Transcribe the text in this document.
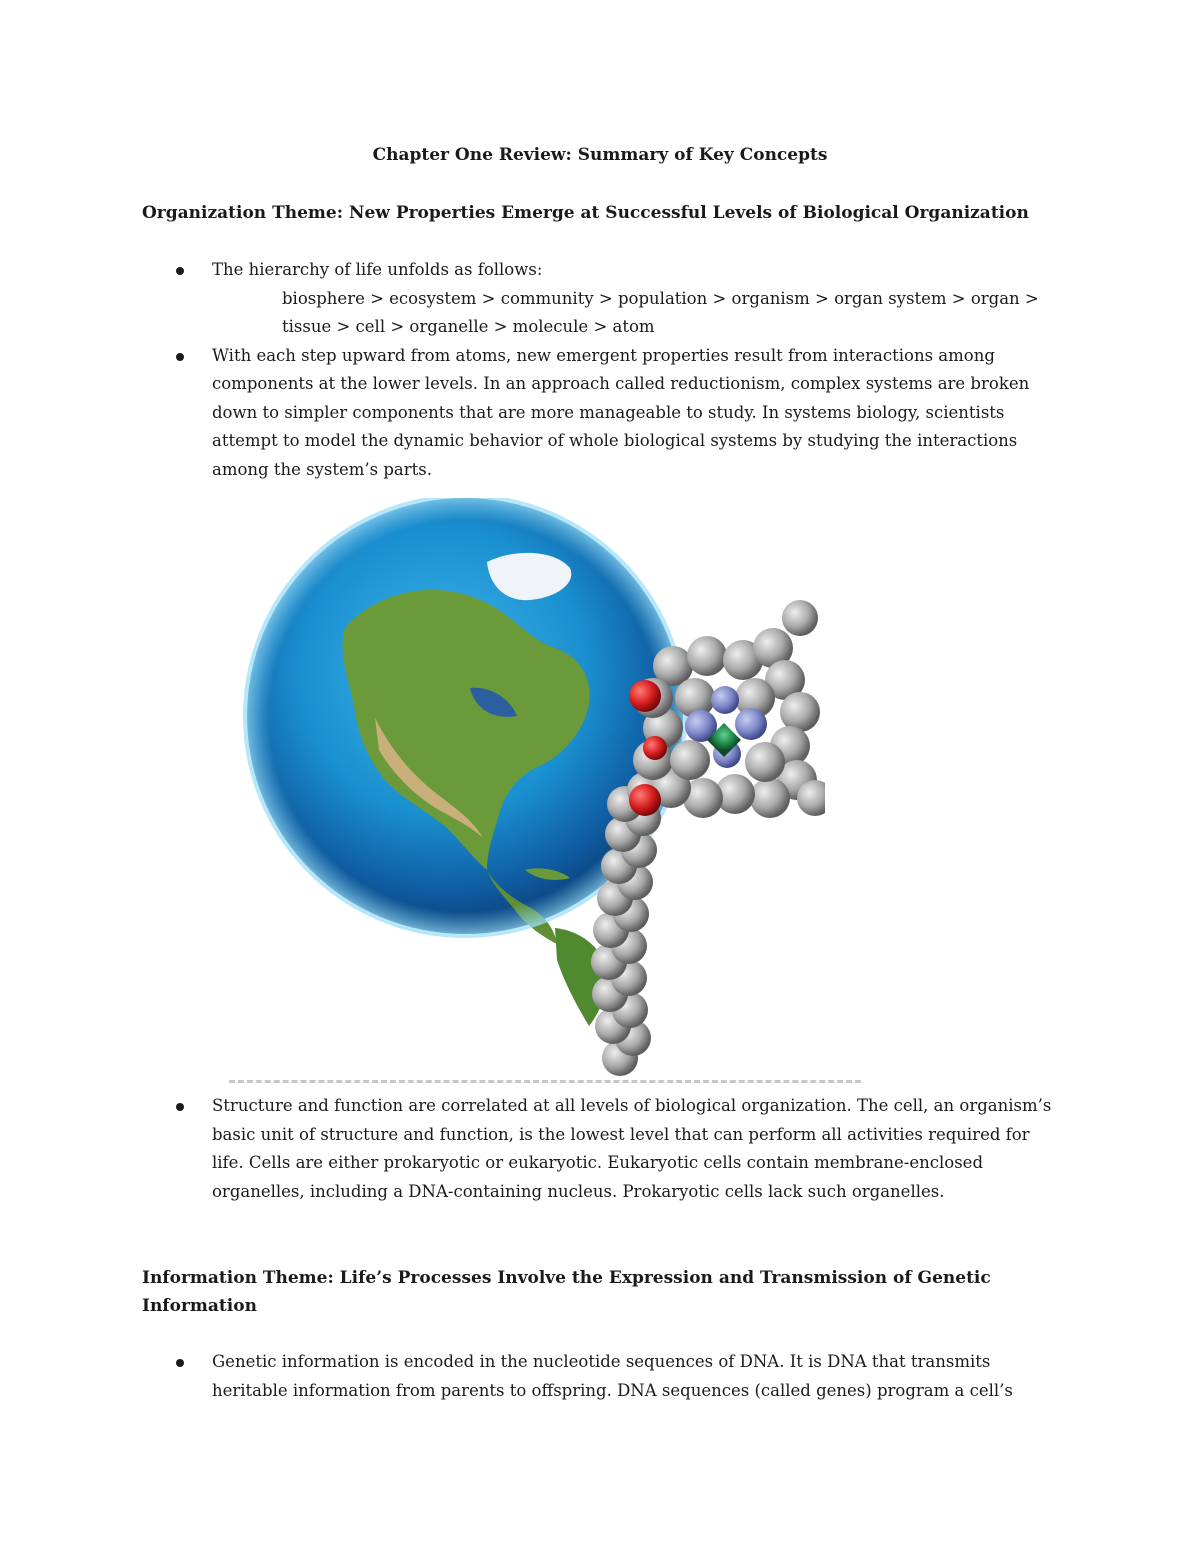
Chapter One Review: Summary of Key Concepts
Organization Theme: New Properties Emerge at Successful Levels of Biological Organization

The hierarchy of life unfolds as follows:

biosphere > ecosystem > community > population > organism > organ system > organ >

tissue > cell > organelle > molecule > atom

With each step upward from atoms, new emergent properties result from interactions among components at the lower levels. In an approach called reductionism, complex systems are broken down to simpler components that are more manageable to study. In systems biology, scientists attempt to model the dynamic behavior of whole biological systems by studying the interactions among the system’s parts.

Structure and function are correlated at all levels of biological organization. The cell, an organism’s basic unit of structure and function, is the lowest level that can perform all activities required for life. Cells are either prokaryotic or eukaryotic. Eukaryotic cells contain membrane-enclosed organelles, including a DNA-containing nucleus. Prokaryotic cells lack such organelles.

Information Theme: Life’s Processes Involve the Expression and Transmission of Genetic Information

Genetic information is encoded in the nucleotide sequences of DNA. It is DNA that transmits heritable information from parents to offspring. DNA sequences (called genes) program a cell’s
